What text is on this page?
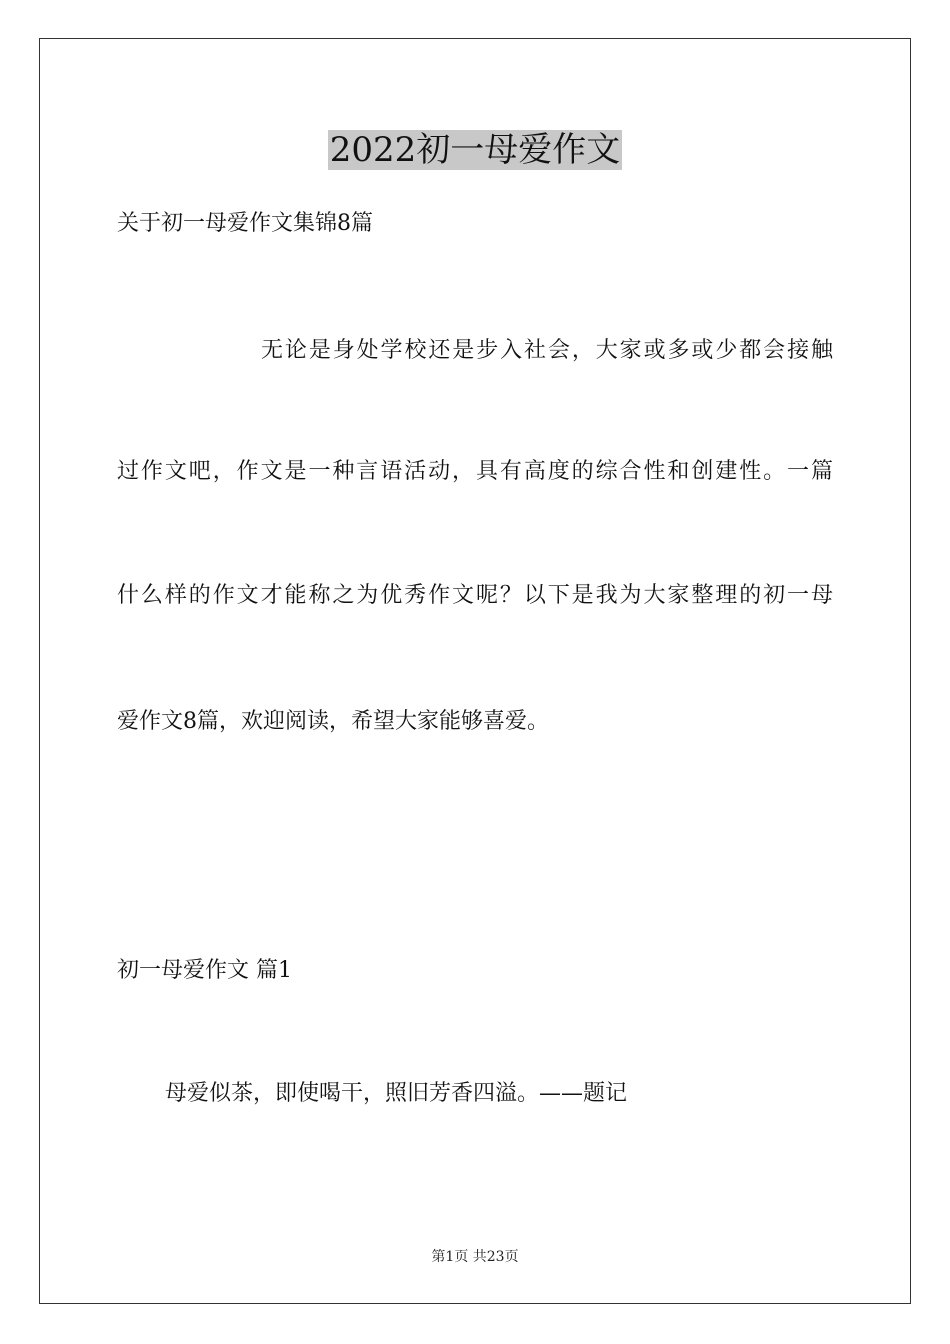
2022初一母爱作文
关于初一母爱作文集锦8篇
无论是身处学校还是步入社会，大家或多或少都会接触
过作文吧，作文是一种言语活动，具有高度的综合性和创建性。一篇
什么样的作文才能称之为优秀作文呢？以下是我为大家整理的初一母
爱作文8篇，欢迎阅读，希望大家能够喜爱。
初一母爱作文 篇1
母爱似茶，即使喝干，照旧芳香四溢。——题记
第1页 共23页
